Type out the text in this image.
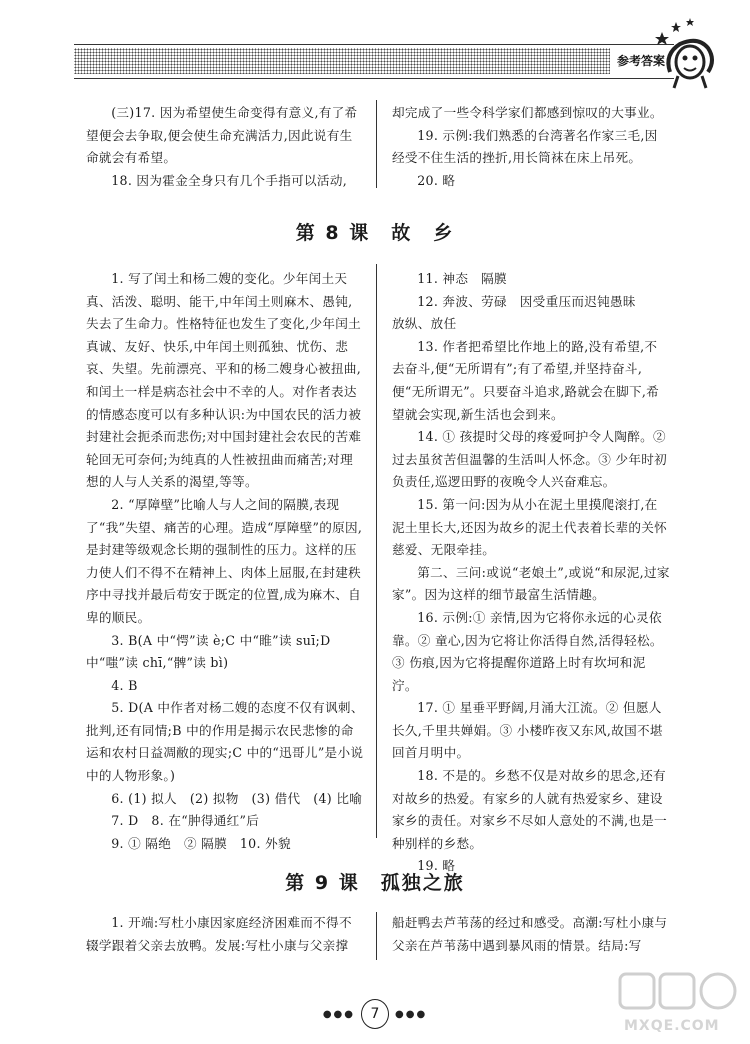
参考答案

(三)17. 因为希望使生命变得有意义,有了希望便会去争取,便会使生命充满活力,因此说有生命就会有希望。

18. 因为霍金全身只有几个手指可以活动,

却完成了一些令科学家们都感到惊叹的大事业。

19. 示例:我们熟悉的台湾著名作家三毛,因经受不住生活的挫折,用长筒袜在床上吊死。

20. 略

第 8 课　故　乡

1. 写了闰土和杨二嫂的变化。少年闰土天真、活泼、聪明、能干,中年闰土则麻木、愚钝,失去了生命力。性格特征也发生了变化,少年闰土真诚、友好、快乐,中年闰土则孤独、忧伤、悲哀、失望。先前漂亮、平和的杨二嫂身心被扭曲,和闰土一样是病态社会中不幸的人。对作者表达的情感态度可以有多种认识:为中国农民的活力被封建社会扼杀而悲伤;对中国封建社会农民的苦难轮回无可奈何;为纯真的人性被扭曲而痛苦;对理想的人与人关系的渴望,等等。

2. “厚障壁”比喻人与人之间的隔膜,表现了“我”失望、痛苦的心理。造成“厚障壁”的原因,是封建等级观念长期的强制性的压力。这样的压力使人们不得不在精神上、肉体上屈服,在封建秩序中寻找并最后苟安于既定的位置,成为麻木、自卑的顺民。

3. B(A 中“愕”读 è;C 中“睢”读 suī;D 中“嗤”读 chī,“髀”读 bì)

4. B

5. D(A 中作者对杨二嫂的态度不仅有讽刺、批判,还有同情;B 中的作用是揭示农民悲惨的命运和农村日益凋敝的现实;C 中的“迅哥儿”是小说中的人物形象。)

6. (1) 拟人　(2) 拟物　(3) 借代　(4) 比喻

7. D　8. 在“肿得通红”后

9. ① 隔绝　② 隔膜　10. 外貌

11. 神态　隔膜

12. 奔波、劳碌　因受重压而迟钝愚昧

放纵、放任

13. 作者把希望比作地上的路,没有希望,不去奋斗,便“无所谓有”;有了希望,并坚持奋斗,便“无所谓无”。只要奋斗追求,路就会在脚下,希望就会实现,新生活也会到来。

14. ① 孩提时父母的疼爱呵护令人陶醉。② 过去虽贫苦但温馨的生活叫人怀念。③ 少年时初负责任,巡逻田野的夜晚令人兴奋难忘。

15. 第一问:因为从小在泥土里摸爬滚打,在泥土里长大,还因为故乡的泥土代表着长辈的关怀慈爱、无限牵挂。

第二、三问:或说“老娘土”,或说“和尿泥,过家家”。因为这样的细节最富生活情趣。

16. 示例:① 亲情,因为它将你永远的心灵依靠。② 童心,因为它将让你活得自然,活得轻松。③ 伤痕,因为它将提醒你道路上时有坎坷和泥泞。

17. ① 星垂平野阔,月涌大江流。② 但愿人长久,千里共婵娟。③ 小楼昨夜又东风,故国不堪回首月明中。

18. 不是的。乡愁不仅是对故乡的思念,还有对故乡的热爱。有家乡的人就有热爱家乡、建设家乡的责任。对家乡不尽如人意处的不满,也是一种别样的乡愁。

19. 略

第 9 课　孤独之旅

1. 开端:写杜小康因家庭经济困难而不得不辍学跟着父亲去放鸭。发展:写杜小康与父亲撑

船赶鸭去芦苇荡的经过和感受。高潮:写杜小康与父亲在芦苇荡中遇到暴风雨的情景。结局:写

●●●	7	●●●
MXQE.COM
